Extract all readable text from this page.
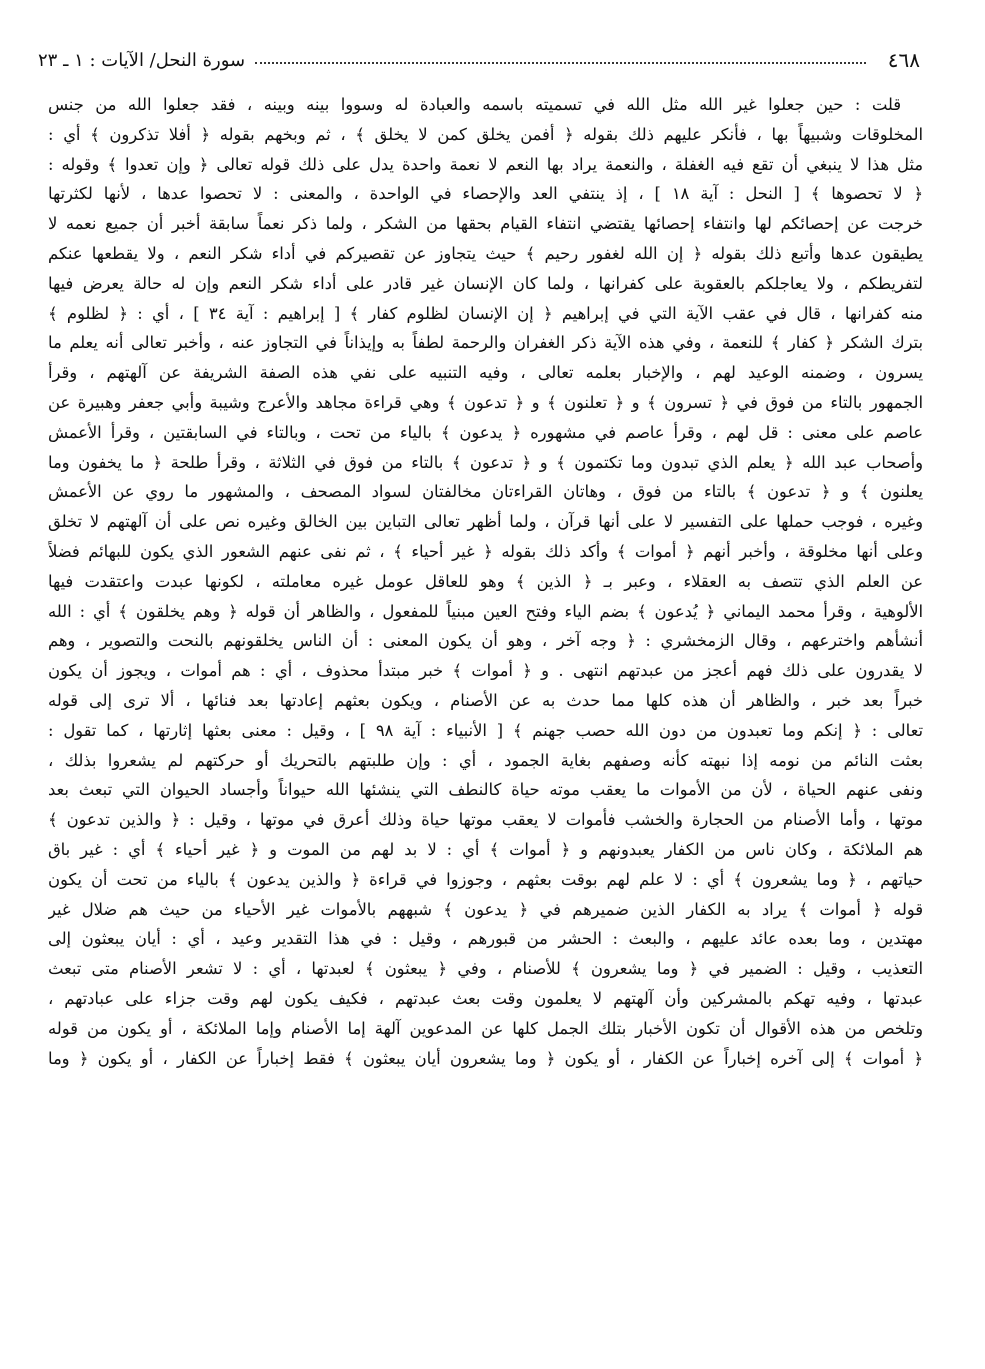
٤٦٨
سورة النحل/ الآيات : ١ ـ ٢٣
قلت : حين جعلوا غير الله مثل الله في تسميته باسمه والعبادة له وسووا بينه وبينه ، فقد جعلوا الله من جنس
المخلوقات وشبيهاً بها ، فأنكر عليهم ذلك بقوله ﴿ أفمن يخلق كمن لا يخلق ﴾ ، ثم وبخهم بقوله ﴿ أفلا تذكرون ﴾ أي :
مثل هذا لا ينبغي أن تقع فيه الغفلة ، والنعمة يراد بها النعم لا نعمة واحدة يدل على ذلك قوله تعالى ﴿ وإن تعدوا ﴾ وقوله :
﴿ لا تحصوها ﴾ [ النحل : آية ١٨ ] ، إذ ينتفي العد والإحصاء في الواحدة ، والمعنى : لا تحصوا عدها ، لأنها لكثرتها
خرجت عن إحصائكم لها وانتفاء إحصائها يقتضي انتفاء القيام بحقها من الشكر ، ولما ذكر نعماً سابقة أخبر أن جميع نعمه لا
يطيقون عدها وأتبع ذلك بقوله ﴿ إن الله لغفور رحيم ﴾ حيث يتجاوز عن تقصيركم في أداء شكر النعم ، ولا يقطعها عنكم
لتفريطكم ، ولا يعاجلكم بالعقوبة على كفرانها ، ولما كان الإنسان غير قادر على أداء شكر النعم وإن له حالة يعرض فيها
منه كفرانها ، قال في عقب الآية التي في إبراهيم ﴿ إن الإنسان لظلوم كفار ﴾ [ إبراهيم : آية ٣٤ ] ، أي : ﴿ لظلوم ﴾
بترك الشكر ﴿ كفار ﴾ للنعمة ، وفي هذه الآية ذكر الغفران والرحمة لطفاً به وإيذاناً في التجاوز عنه ، وأخبر تعالى أنه يعلم ما
يسرون ، وضمنه الوعيد لهم ، والإخبار بعلمه تعالى ، وفيه التنبيه على نفي هذه الصفة الشريفة عن آلهتهم ، وقرأ
الجمهور بالتاء من فوق في ﴿ تسرون ﴾ و ﴿ تعلنون ﴾ و ﴿ تدعون ﴾ وهي قراءة مجاهد والأعرج وشيبة وأبي جعفر وهبيرة عن
عاصم على معنى : قل لهم ، وقرأ عاصم في مشهوره ﴿ يدعون ﴾ بالياء من تحت ، وبالتاء في السابقتين ، وقرأ الأعمش
وأصحاب عبد الله ﴿ يعلم الذي تبدون وما تكتمون ﴾ و ﴿ تدعون ﴾ بالتاء من فوق في الثلاثة ، وقرأ طلحة ﴿ ما يخفون وما
يعلنون ﴾ و ﴿ تدعون ﴾ بالتاء من فوق ، وهاتان القراءتان مخالفتان لسواد المصحف ، والمشهور ما روي عن الأعمش
وغيره ، فوجب حملها على التفسير لا على أنها قرآن ، ولما أظهر تعالى التباين بين الخالق وغيره نص على أن آلهتهم لا تخلق
وعلى أنها مخلوقة ، وأخبر أنهم ﴿ أموات ﴾ وأكد ذلك بقوله ﴿ غير أحياء ﴾ ، ثم نفى عنهم الشعور الذي يكون للبهائم فضلاً
عن العلم الذي تتصف به العقلاء ، وعبر بـ ﴿ الذين ﴾ وهو للعاقل عومل غيره معاملته ، لكونها عبدت واعتقدت فيها
الألوهية ، وقرأ محمد اليماني ﴿ يُدعون ﴾ بضم الياء وفتح العين مبنياً للمفعول ، والظاهر أن قوله ﴿ وهم يخلقون ﴾ أي : الله
أنشأهم واخترعهم ، وقال الزمخشري : ﴿ وجه آخر ، وهو أن يكون المعنى : أن الناس يخلقونهم بالنحت والتصوير ، وهم
لا يقدرون على ذلك فهم أعجز من عبدتهم انتهى . و ﴿ أموات ﴾ خبر مبتدأ محذوف ، أي : هم أموات ، ويجوز أن يكون
خبراً بعد خبر ، والظاهر أن هذه كلها مما حدث به عن الأصنام ، ويكون بعثهم إعادتها بعد فنائها ، ألا ترى إلى قوله
تعالى : ﴿ إنكم وما تعبدون من دون الله حصب جهنم ﴾ [ الأنبياء : آية ٩٨ ] ، وقيل : معنى بعثها إثارتها ، كما تقول :
بعثت النائم من نومه إذا نبهته كأنه وصفهم بغاية الجمود ، أي : وإن طلبتهم بالتحريك أو حركتهم لم يشعروا بذلك ،
ونفى عنهم الحياة ، لأن من الأموات ما يعقب موته حياة كالنطف التي ينشئها الله حيواناً وأجساد الحيوان التي تبعث بعد
موتها ، وأما الأصنام من الحجارة والخشب فأموات لا يعقب موتها حياة وذلك أعرق في موتها ، وقيل : ﴿ والذين تدعون ﴾
هم الملائكة ، وكان ناس من الكفار يعبدونهم و ﴿ أموات ﴾ أي : لا بد لهم من الموت و ﴿ غير أحياء ﴾ أي : غير باق
حياتهم ، ﴿ وما يشعرون ﴾ أي : لا علم لهم بوقت بعثهم ، وجوزوا في قراءة ﴿ والذين يدعون ﴾ بالياء من تحت أن يكون
قوله ﴿ أموات ﴾ يراد به الكفار الذين ضميرهم في ﴿ يدعون ﴾ شبههم بالأموات غير الأحياء من حيث هم ضلال غير
مهتدين ، وما بعده عائد عليهم ، والبعث : الحشر من قبورهم ، وقيل : في هذا التقدير وعيد ، أي : أيان يبعثون إلى
التعذيب ، وقيل : الضمير في ﴿ وما يشعرون ﴾ للأصنام ، وفي ﴿ يبعثون ﴾ لعبدتها ، أي : لا تشعر الأصنام متى تبعث
عبدتها ، وفيه تهكم بالمشركين وأن آلهتهم لا يعلمون وقت بعث عبدتهم ، فكيف يكون لهم وقت جزاء على عبادتهم ،
وتلخص من هذه الأقوال أن تكون الأخبار بتلك الجمل كلها عن المدعوين آلهة إما الأصنام وإما الملائكة ، أو يكون من قوله
﴿ أموات ﴾ إلى آخره إخباراً عن الكفار ، أو يكون ﴿ وما يشعرون أيان يبعثون ﴾ فقط إخباراً عن الكفار ، أو يكون ﴿ وما
